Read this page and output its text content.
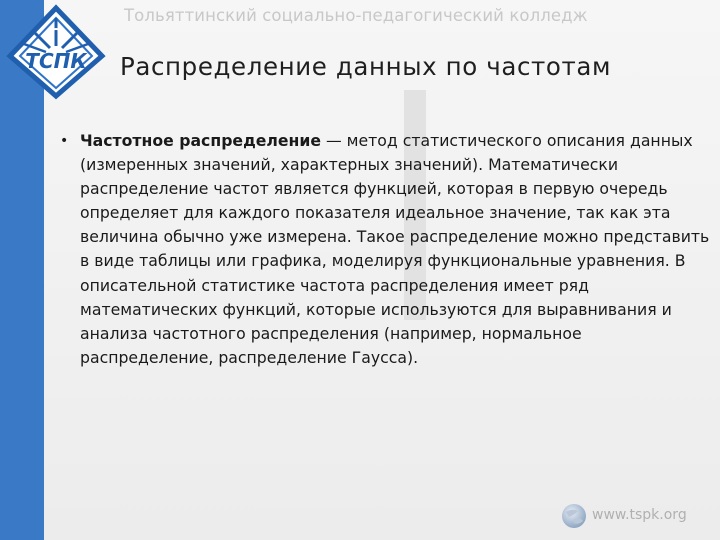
ТСПК
Тольяттинский социально-педагогический колледж
Распределение данных по частотам
• Частотное распределение — метод статистического описания данных (измеренных значений, характерных значений). Математически распределение частот является функцией, которая в первую очередь определяет для каждого показателя идеальное значение, так как эта величина обычно уже измерена. Такое распределение можно представить в виде таблицы или графика, моделируя функциональные уравнения. В описательной статистике частота распределения имеет ряд математических функций, которые используются для выравнивания и анализа частотного распределения (например, нормальное распределение, распределение Гаусса).

www.tspk.org
